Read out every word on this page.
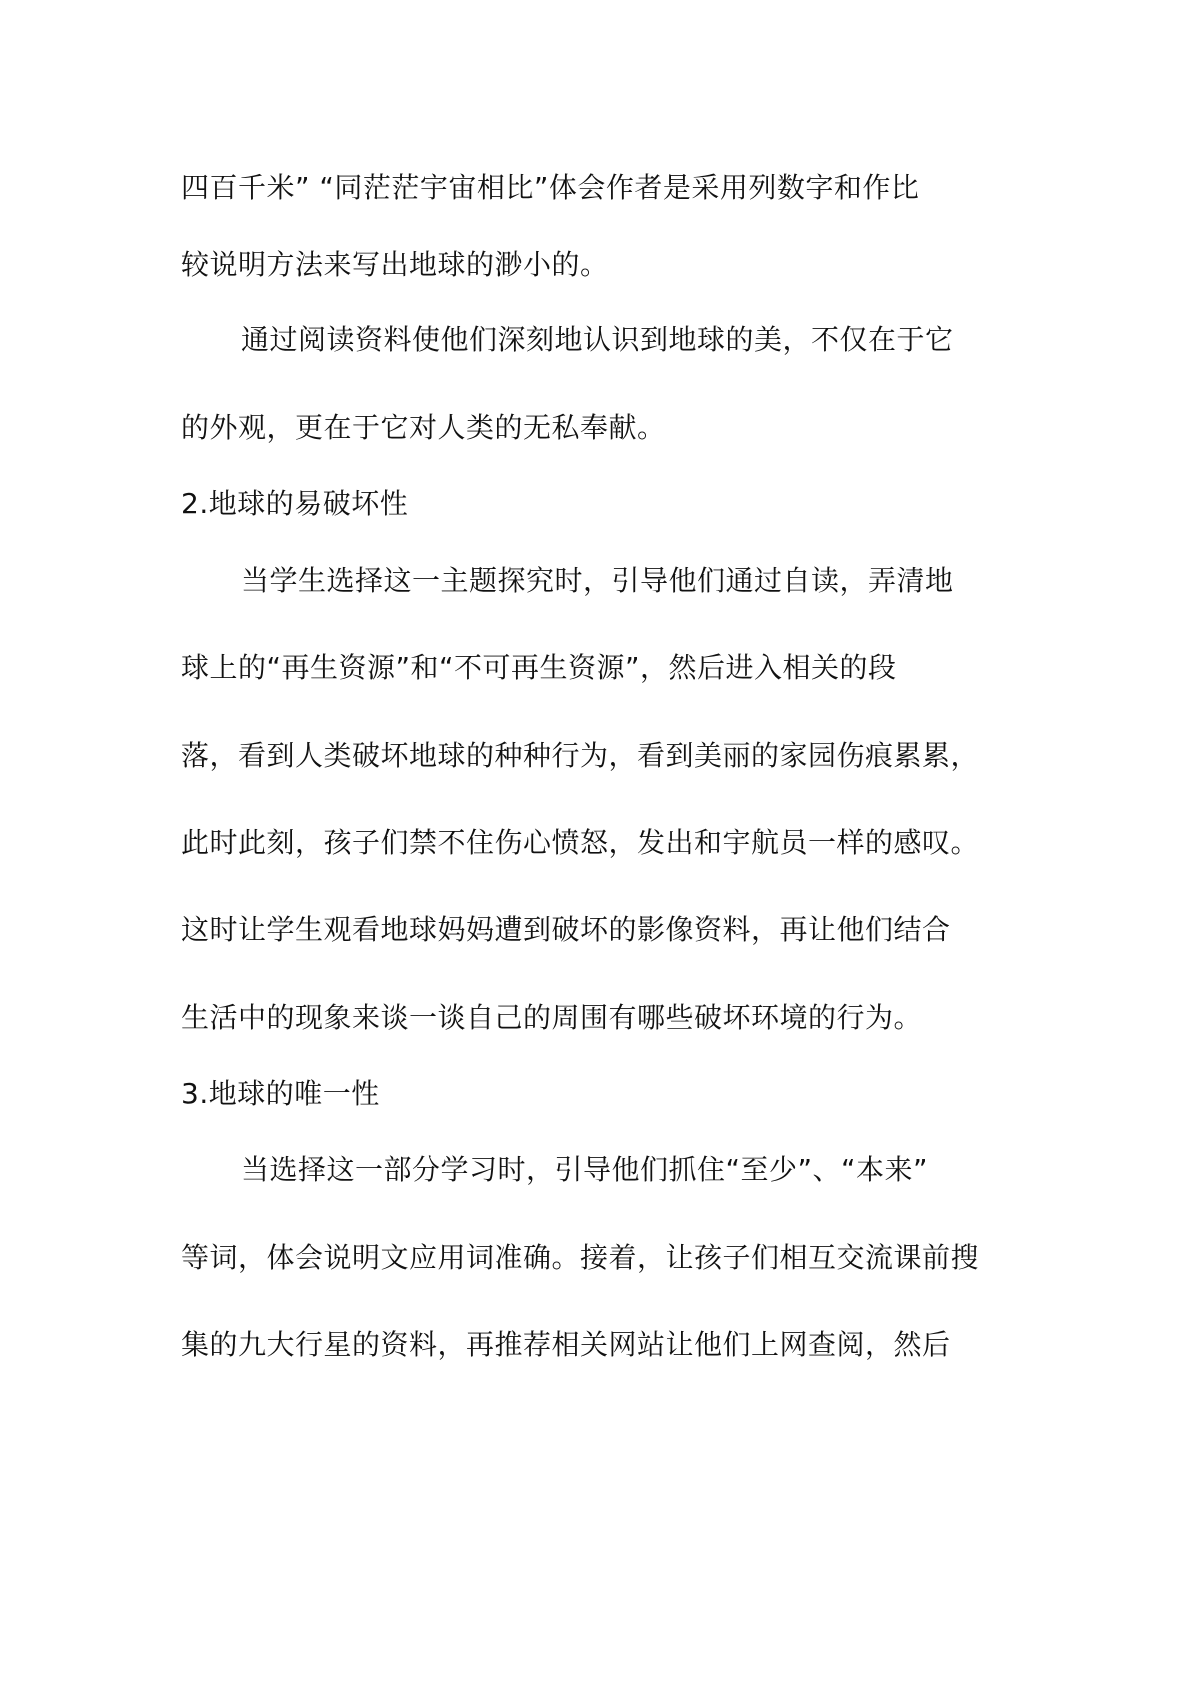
四百千米” “同茫茫宇宙相比”体会作者是采用列数字和作比
较说明方法来写出地球的渺小的。
通过阅读资料使他们深刻地认识到地球的美，不仅在于它
的外观，更在于它对人类的无私奉献。
2.地球的易破坏性
当学生选择这一主题探究时，引导他们通过自读，弄清地
球上的“再生资源”和“不可再生资源”，然后进入相关的段
落，看到人类破坏地球的种种行为，看到美丽的家园伤痕累累，
此时此刻，孩子们禁不住伤心愤怒，发出和宇航员一样的感叹。
这时让学生观看地球妈妈遭到破坏的影像资料，再让他们结合
生活中的现象来谈一谈自己的周围有哪些破坏环境的行为。
3.地球的唯一性
当选择这一部分学习时，引导他们抓住“至少”、“本来”
等词，体会说明文应用词准确。接着，让孩子们相互交流课前搜
集的九大行星的资料，再推荐相关网站让他们上网查阅，然后
